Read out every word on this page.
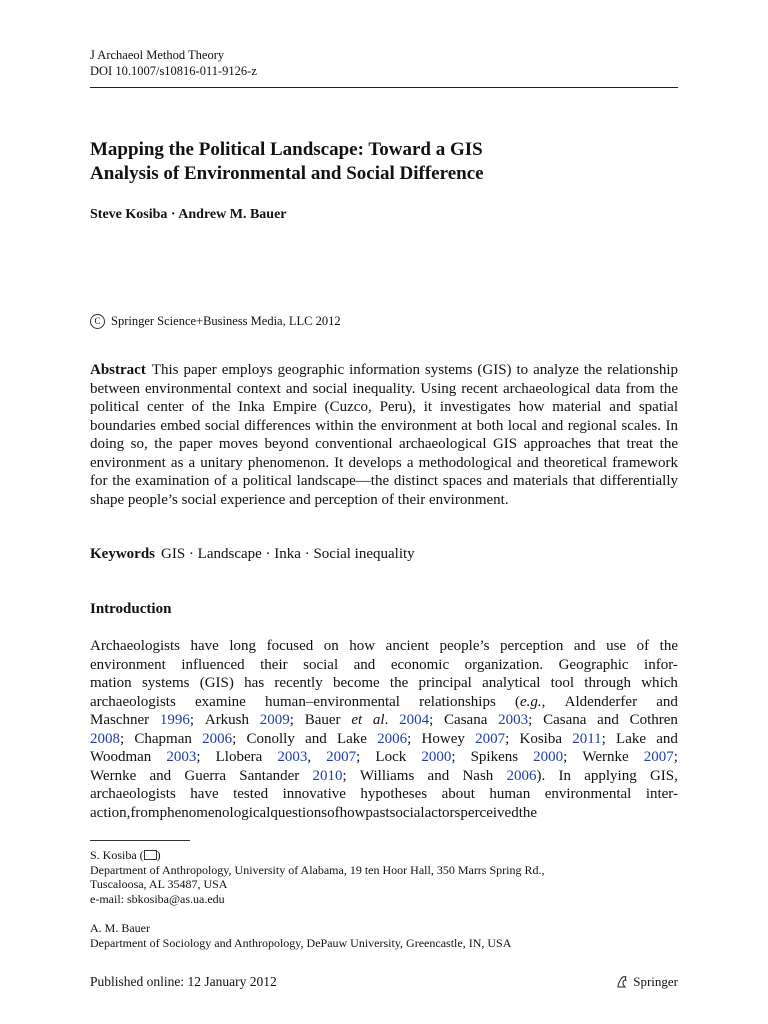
J Archaeol Method Theory
DOI 10.1007/s10816-011-9126-z
Mapping the Political Landscape: Toward a GIS
Analysis of Environmental and Social Difference
Steve Kosiba · Andrew M. Bauer
C Springer Science+Business Media, LLC 2012
Abstract This paper employs geographic information systems (GIS) to analyze the relationship between environmental context and social inequality. Using recent archaeological data from the political center of the Inka Empire (Cuzco, Peru), it investigates how material and spatial boundaries embed social differences within the environment at both local and regional scales. In doing so, the paper moves beyond conventional archaeological GIS approaches that treat the environment as a unitary phenomenon. It develops a methodological and theoretical framework for the examination of a political landscape—the distinct spaces and materials that differentially shape people’s social experience and perception of their environment.
Keywords GIS · Landscape · Inka · Social inequality
Introduction
Archaeologists have long focused on how ancient people’s perception and use of the
environment influenced their social and economic organization. Geographic infor-
mation systems (GIS) has recently become the principal analytical tool through which
archaeologists examine human–environmental relationships (e.g., Aldenderfer and
Maschner 1996; Arkush 2009; Bauer et al. 2004; Casana 2003; Casana and Cothren
2008; Chapman 2006; Conolly and Lake 2006; Howey 2007; Kosiba 2011; Lake and
Woodman 2003; Llobera 2003, 2007; Lock 2000; Spikens 2000; Wernke 2007;
Wernke and Guerra Santander 2010; Williams and Nash 2006). In applying GIS,
archaeologists have tested innovative hypotheses about human environmental inter-
action, from phenomenological questions of how past social actors perceived the
S. Kosiba ( )
Department of Anthropology, University of Alabama, 19 ten Hoor Hall, 350 Marrs Spring Rd.,
Tuscaloosa, AL 35487, USA
e-mail: sbkosiba@as.ua.edu
A. M. Bauer
Department of Sociology and Anthropology, DePauw University, Greencastle, IN, USA
Published online: 12 January 2012	Springer
